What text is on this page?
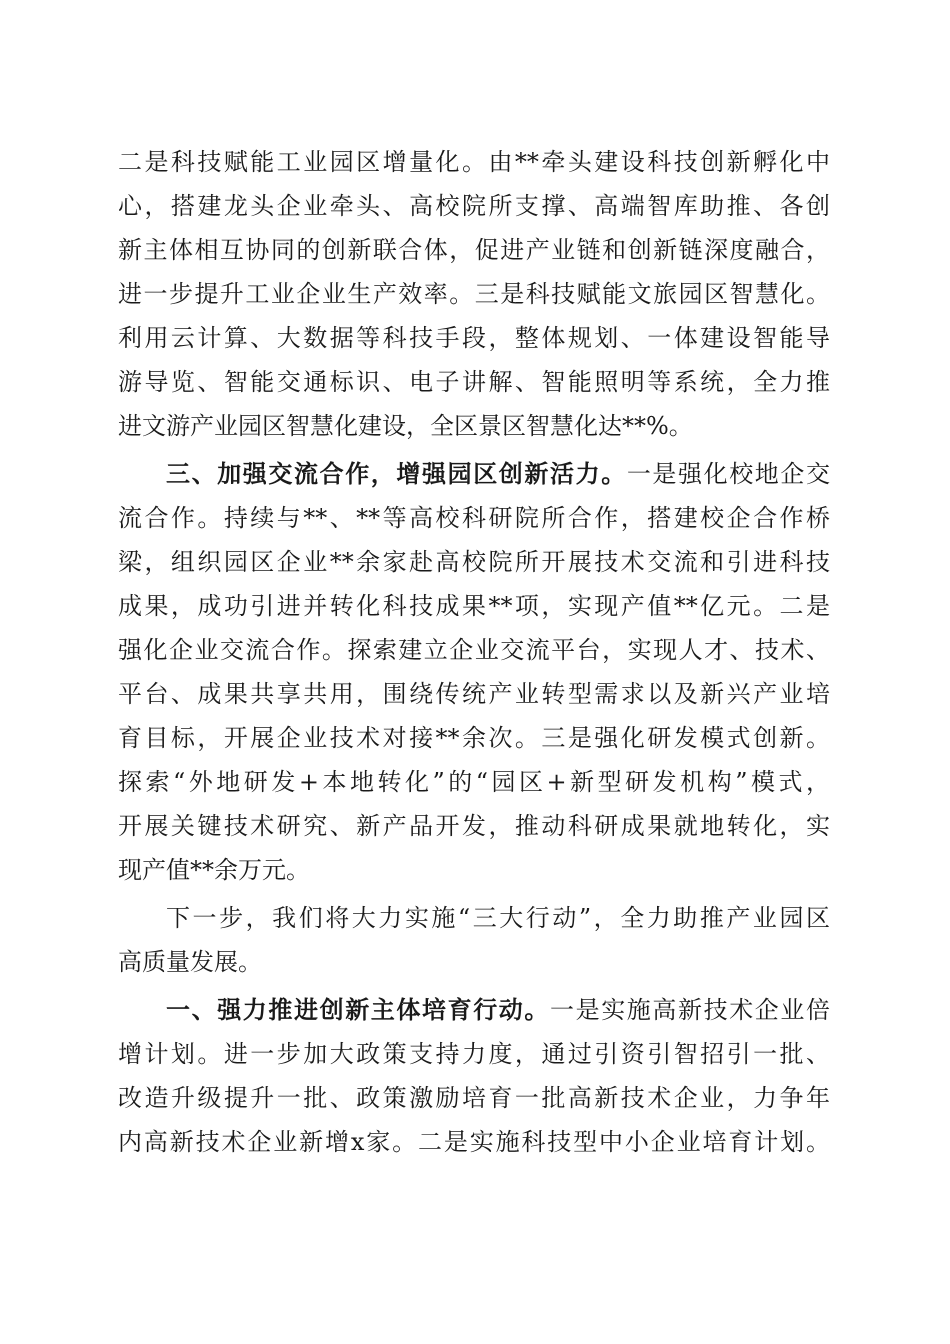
二是科技赋能工业园区增量化。由**牵头建设科技创新孵化中
心，搭建龙头企业牵头、高校院所支撑、高端智库助推、各创
新主体相互协同的创新联合体，促进产业链和创新链深度融合，
进一步提升工业企业生产效率。三是科技赋能文旅园区智慧化。
利用云计算、大数据等科技手段，整体规划、一体建设智能导
游导览、智能交通标识、电子讲解、智能照明等系统，全力推
进文游产业园区智慧化建设，全区景区智慧化达**%。
三、加强交流合作，增强园区创新活力。一是强化校地企交
流合作。持续与**、**等高校科研院所合作，搭建校企合作桥
梁，组织园区企业**余家赴高校院所开展技术交流和引进科技
成果，成功引进并转化科技成果**项，实现产值**亿元。二是
强化企业交流合作。探索建立企业交流平台，实现人才、技术、
平台、成果共享共用，围绕传统产业转型需求以及新兴产业培
育目标，开展企业技术对接**余次。三是强化研发模式创新。
探索“外地研发+本地转化”的“园区+新型研发机构”模式，
开展关键技术研究、新产品开发，推动科研成果就地转化，实
现产值**余万元。
下一步，我们将大力实施“三大行动”，全力助推产业园区
高质量发展。
一、强力推进创新主体培育行动。一是实施高新技术企业倍
增计划。进一步加大政策支持力度，通过引资引智招引一批、
改造升级提升一批、政策激励培育一批高新技术企业，力争年
内高新技术企业新增x家。二是实施科技型中小企业培育计划。
